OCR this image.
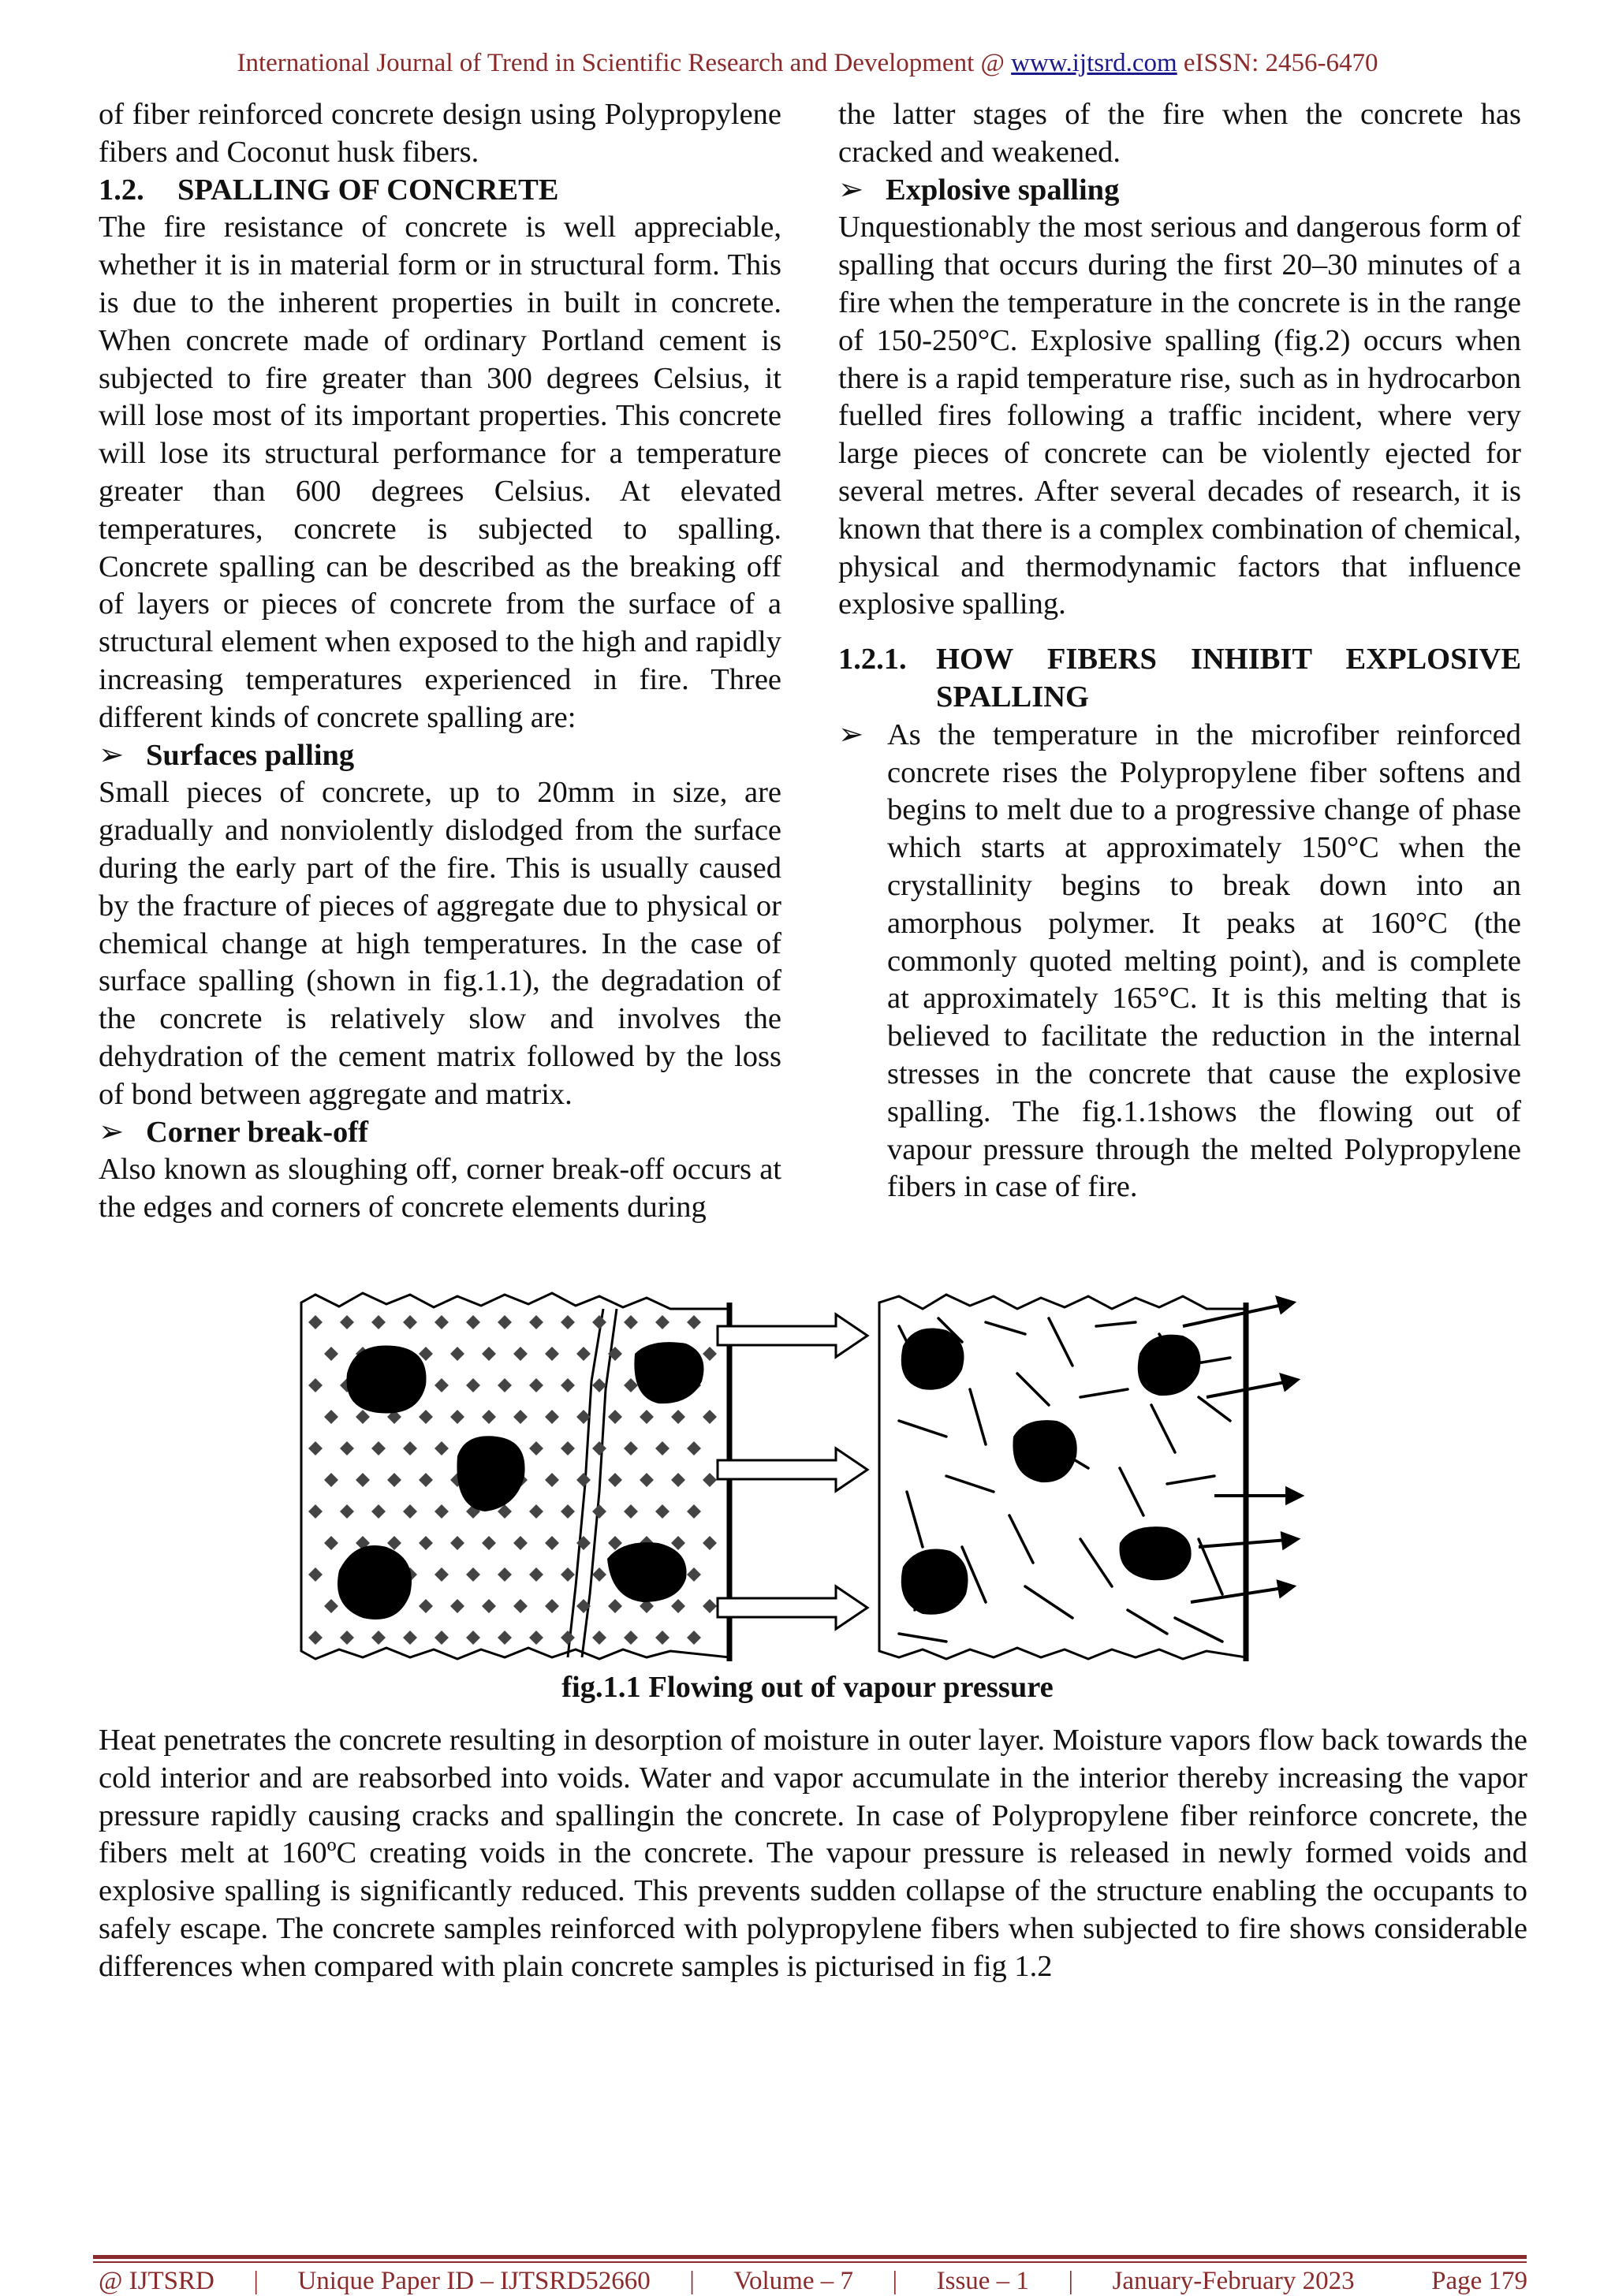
International Journal of Trend in Scientific Research and Development @ www.ijtsrd.com eISSN: 2456-6470

of fiber reinforced concrete design using Polypropylene fibers and Coconut husk fibers.

1.2. SPALLING OF CONCRETE

The fire resistance of concrete is well appreciable, whether it is in material form or in structural form. This is due to the inherent properties in built in concrete. When concrete made of ordinary Portland cement is subjected to fire greater than 300 degrees Celsius, it will lose most of its important properties. This concrete will lose its structural performance for a temperature greater than 600 degrees Celsius. At elevated temperatures, concrete is subjected to spalling. Concrete spalling can be described as the breaking off of layers or pieces of concrete from the surface of a structural element when exposed to the high and rapidly increasing temperatures experienced in fire. Three different kinds of concrete spalling are:

➢ Surfaces palling

Small pieces of concrete, up to 20mm in size, are gradually and nonviolently dislodged from the surface during the early part of the fire. This is usually caused by the fracture of pieces of aggregate due to physical or chemical change at high temperatures. In the case of surface spalling (shown in fig.1.1), the degradation of the concrete is relatively slow and involves the dehydration of the cement matrix followed by the loss of bond between aggregate and matrix.

➢ Corner break-off

Also known as sloughing off, corner break-off occurs at the edges and corners of concrete elements during

the latter stages of the fire when the concrete has cracked and weakened.

➢ Explosive spalling

Unquestionably the most serious and dangerous form of spalling that occurs during the first 20–30 minutes of a fire when the temperature in the concrete is in the range of 150-250°C. Explosive spalling (fig.2) occurs when there is a rapid temperature rise, such as in hydrocarbon fuelled fires following a traffic incident, where very large pieces of concrete can be violently ejected for several metres. After several decades of research, it is known that there is a complex combination of chemical, physical and thermodynamic factors that influence explosive spalling.

1.2.1. HOW FIBERS INHIBIT EXPLOSIVE SPALLING
➢ As the temperature in the microfiber reinforced concrete rises the Polypropylene fiber softens and begins to melt due to a progressive change of phase which starts at approximately 150°C when the crystallinity begins to break down into an amorphous polymer. It peaks at 160°C (the commonly quoted melting point), and is complete at approximately 165°C. It is this melting that is believed to facilitate the reduction in the internal stresses in the concrete that cause the explosive spalling. The fig.1.1shows the flowing out of vapour pressure through the melted Polypropylene fibers in case of fire.

fig.1.1 Flowing out of vapour pressure

Heat penetrates the concrete resulting in desorption of moisture in outer layer. Moisture vapors flow back towards the cold interior and are reabsorbed into voids. Water and vapor accumulate in the interior thereby increasing the vapor pressure rapidly causing cracks and spallingin the concrete. In case of Polypropylene fiber reinforce concrete, the fibers melt at 160ºC creating voids in the concrete. The vapour pressure is released in newly formed voids and explosive spalling is significantly reduced. This prevents sudden collapse of the structure enabling the occupants to safely escape. The concrete samples reinforced with polypropylene fibers when subjected to fire shows considerable differences when compared with plain concrete samples is picturised in fig 1.2

@ IJTSRD	|	Unique Paper ID – IJTSRD52660	|	Volume – 7	|	Issue – 1	|	January-February 2023	Page 179
